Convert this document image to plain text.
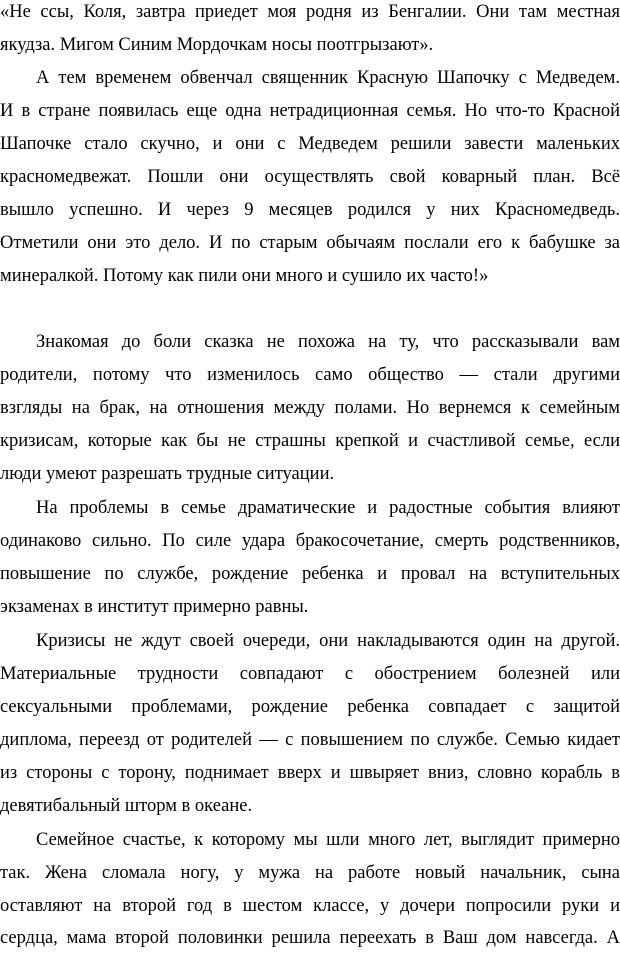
«Не ссы, Коля, завтра приедет моя родня из Бенгалии. Они там местная
якудза. Мигом Синим Мордочкам носы поотгрызают».
А тем временем обвенчал священник Красную Шапочку с Медведем.
И в стране появилась еще одна нетрадиционная семья. Но что-то Красной
Шапочке стало скучно, и они с Медведем решили завести маленьких
красномедвежат. Пошли они осуществлять свой коварный план. Всё
вышло успешно. И через 9 месяцев родился у них Красномедведь.
Отметили они это дело. И по старым обычаям послали его к бабушке за
минералкой. Потому как пили они много и сушило их часто!»
Знакомая до боли сказка не похожа на ту, что рассказывали вам
родители, потому что изменилось само общество — стали другими
взгляды на брак, на отношения между полами. Но вернемся к семейным
кризисам, которые как бы не страшны крепкой и счастливой семье, если
люди умеют разрешать трудные ситуации.
На проблемы в семье драматические и радостные события влияют
одинаково сильно. По силе удара бракосочетание, смерть родственников,
повышение по службе, рождение ребенка и провал на вступительных
экзаменах в институт примерно равны.
Кризисы не ждут своей очереди, они накладываются один на другой.
Материальные трудности совпадают с обострением болезней или
сексуальными проблемами, рождение ребенка совпадает с защитой
диплома, переезд от родителей — с повышением по службе. Семью кидает
из стороны с торону, поднимает вверх и швыряет вниз, словно корабль в
девятибальный шторм в океане.
Семейное счастье, к которому мы шли много лет, выглядит примерно
так. Жена сломала ногу, у мужа на работе новый начальник, сына
оставляют на второй год в шестом классе, у дочери попросили руки и
сердца, мама второй половинки решила переехать в Ваш дом навсегда. А
